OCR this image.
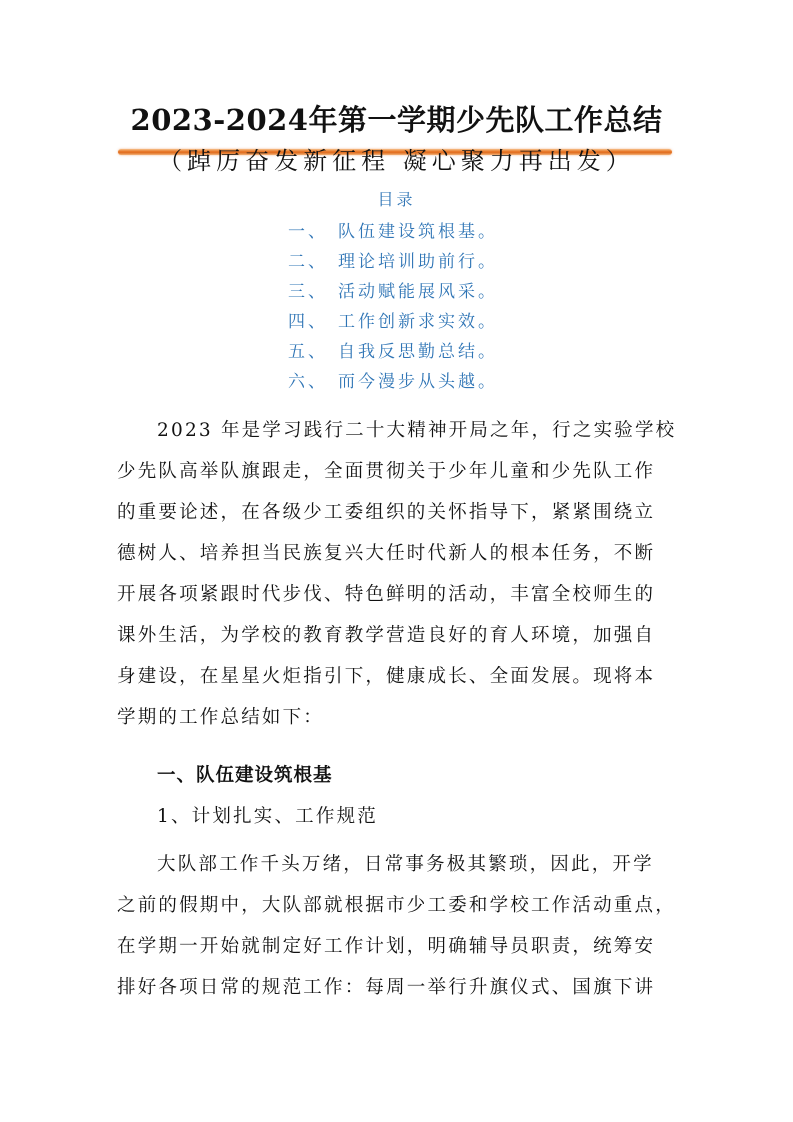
2023-2024年第一学期少先队工作总结
（踔厉奋发新征程 凝心聚力再出发）
目录
一、 队伍建设筑根基。
二、 理论培训助前行。
三、 活动赋能展风采。
四、 工作创新求实效。
五、 自我反思勤总结。
六、 而今漫步从头越。
2023 年是学习践行二十大精神开局之年，行之实验学校
少先队高举队旗跟走，全面贯彻关于少年儿童和少先队工作
的重要论述，在各级少工委组织的关怀指导下，紧紧围绕立
德树人、培养担当民族复兴大任时代新人的根本任务，不断
开展各项紧跟时代步伐、特色鲜明的活动，丰富全校师生的
课外生活，为学校的教育教学营造良好的育人环境，加强自
身建设，在星星火炬指引下，健康成长、全面发展。现将本
学期的工作总结如下：
一、队伍建设筑根基
1、计划扎实、工作规范
大队部工作千头万绪，日常事务极其繁琐，因此，开学
之前的假期中，大队部就根据市少工委和学校工作活动重点，
在学期一开始就制定好工作计划，明确辅导员职责，统筹安
排好各项日常的规范工作：每周一举行升旗仪式、国旗下讲
